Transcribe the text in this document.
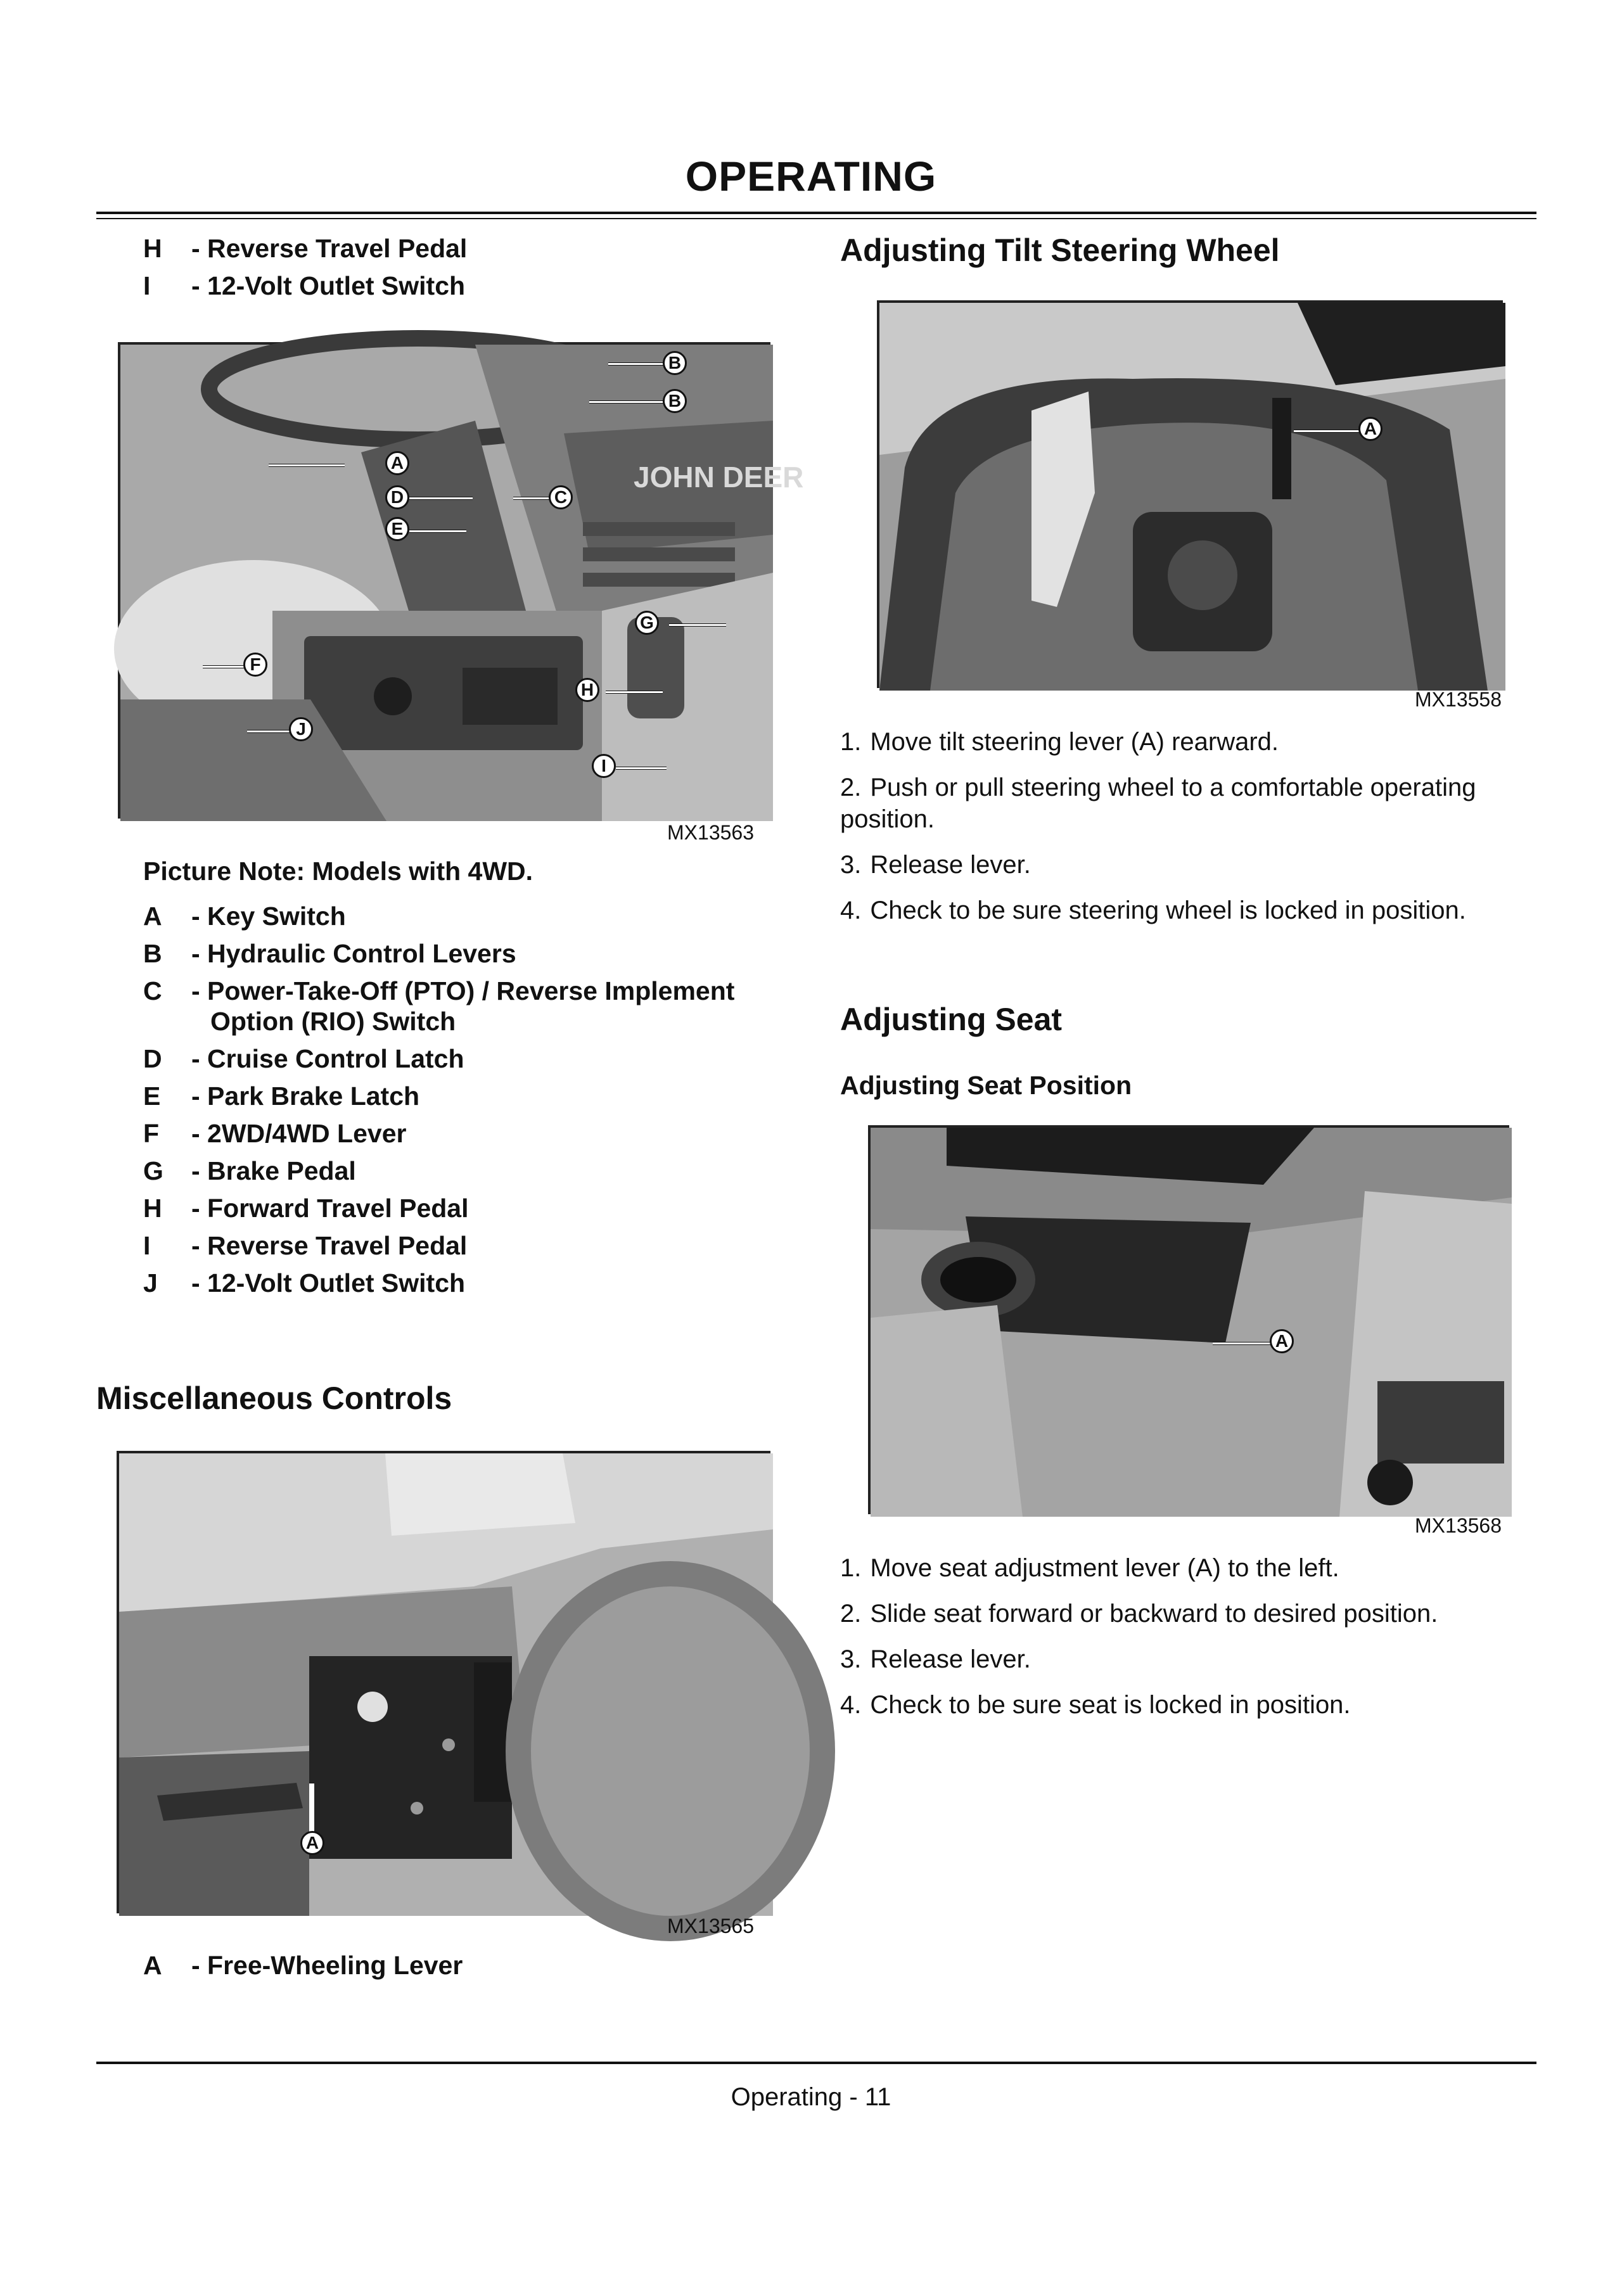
OPERATING
H	- Reverse Travel Pedal
I	- 12-Volt Outlet Switch
JOHN DEER
B
B
A
D	C
E
G
F
H
J
I
MX13563
Picture Note: Models with 4WD.
A	- Key Switch
B	- Hydraulic Control Levers
C	- Power-Take-Off (PTO) / Reverse Implement
Option (RIO) Switch
D	- Cruise Control Latch
E	- Park Brake Latch
F	- 2WD/4WD Lever
G	- Brake Pedal
H	- Forward Travel Pedal
I	- Reverse Travel Pedal
J	- 12-Volt Outlet Switch
Miscellaneous Controls
A
MX13565
A	- Free-Wheeling Lever
Adjusting Tilt Steering Wheel
A
MX13558
1. Move tilt steering lever (A) rearward.
2. Push or pull steering wheel to a comfortable operating position.
3. Release lever.
4. Check to be sure steering wheel is locked in position.
Adjusting Seat
Adjusting Seat Position
A
MX13568
1. Move seat adjustment lever (A) to the left.
2. Slide seat forward or backward to desired position.
3. Release lever.
4. Check to be sure seat is locked in position.
Operating - 11
